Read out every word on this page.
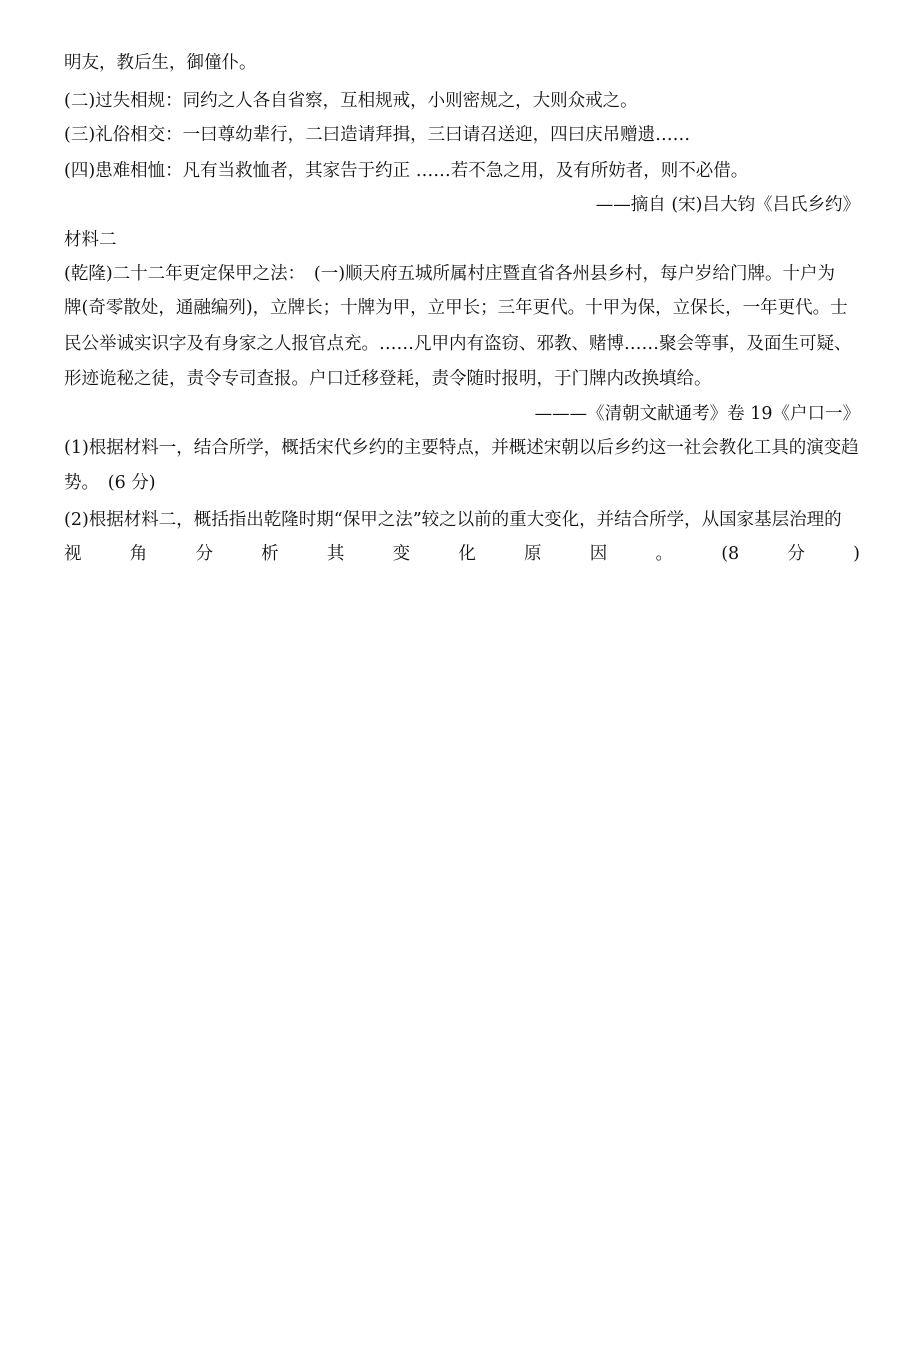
明友，教后生，御僮仆。
(二)过失相规：同约之人各自省察，互相规戒，小则密规之，大则众戒之。
(三)礼俗相交：一曰尊幼辈行，二曰造请拜揖，三曰请召送迎，四曰庆吊赠遗……
(四)患难相恤：凡有当救恤者，其家告于约正 ……若不急之用，及有所妨者，则不必借。
——摘自 (宋)吕大钧《吕氏乡约》
材料二
(乾隆)二十二年更定保甲之法：　(一)顺天府五城所属村庄暨直省各州县乡村，每户岁给门牌。十户为
牌(奇零散处，通融编列)，立牌长；十牌为甲，立甲长；三年更代。十甲为保，立保长，一年更代。士
民公举诚实识字及有身家之人报官点充。……凡甲内有盗窃、邪教、赌博……聚会等事，及面生可疑、
形迹诡秘之徒，责令专司查报。户口迁移登耗，责令随时报明，于门牌内改换填给。
———《清朝文献通考》卷 19《户口一》
(1)根据材料一，结合所学，概括宋代乡约的主要特点，并概述宋朝以后乡约这一社会教化工具的演变趋
势。　(6 分)
(2)根据材料二，概括指出乾隆时期“保甲之法”较之以前的重大变化，并结合所学，从国家基层治理的
视	角	分	析	其	变	化	原	因	。	(8	分	)
